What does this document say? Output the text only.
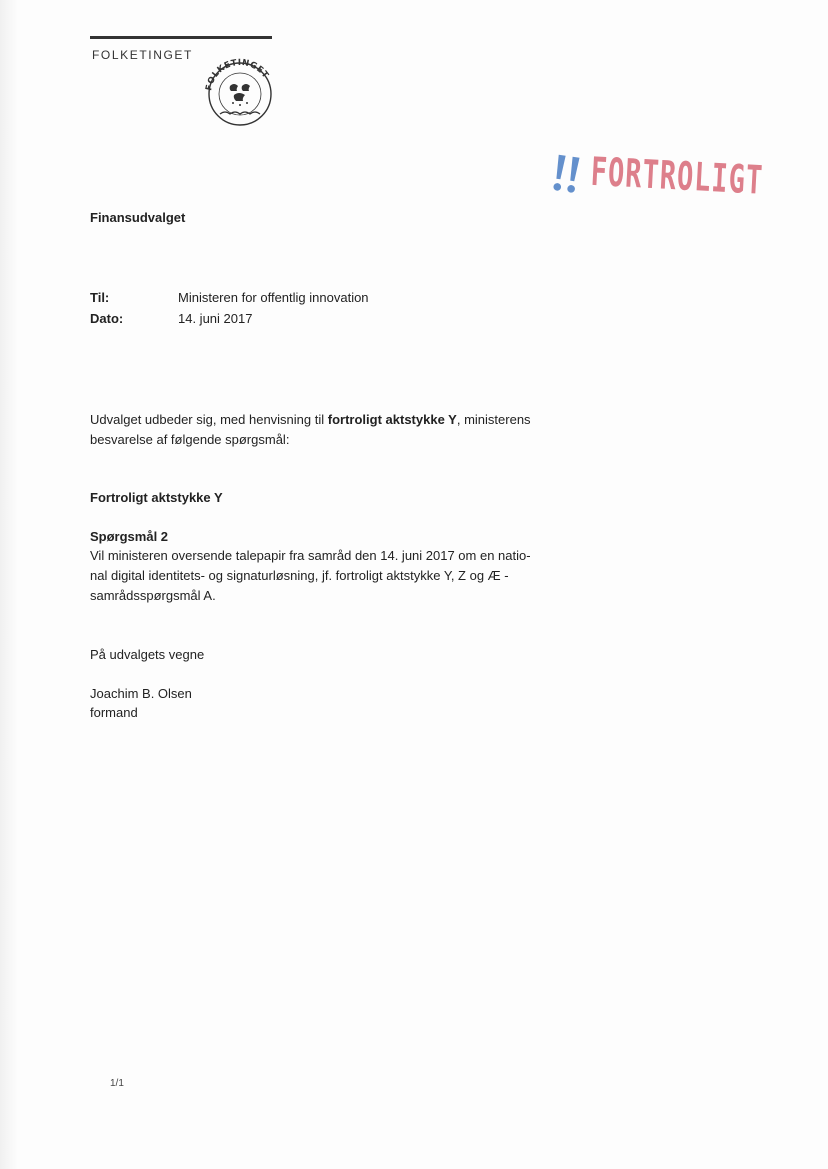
FOLKETINGET
FOLKETINGET
FORTROLIGT
Finansudvalget
Til:	Ministeren for offentlig innovation
Dato:	14. juni 2017
Udvalget udbeder sig, med henvisning til fortroligt aktstykke Y, ministerens besvarelse af følgende spørgsmål:
Fortroligt aktstykke Y
Spørgsmål 2
Vil ministeren oversende talepapir fra samråd den 14. juni 2017 om en natio-
nal digital identitets- og signaturløsning, jf. fortroligt aktstykke Y, Z og Æ -
samrådsspørgsmål A.
På udvalgets vegne
Joachim B. Olsen
formand
1/1
